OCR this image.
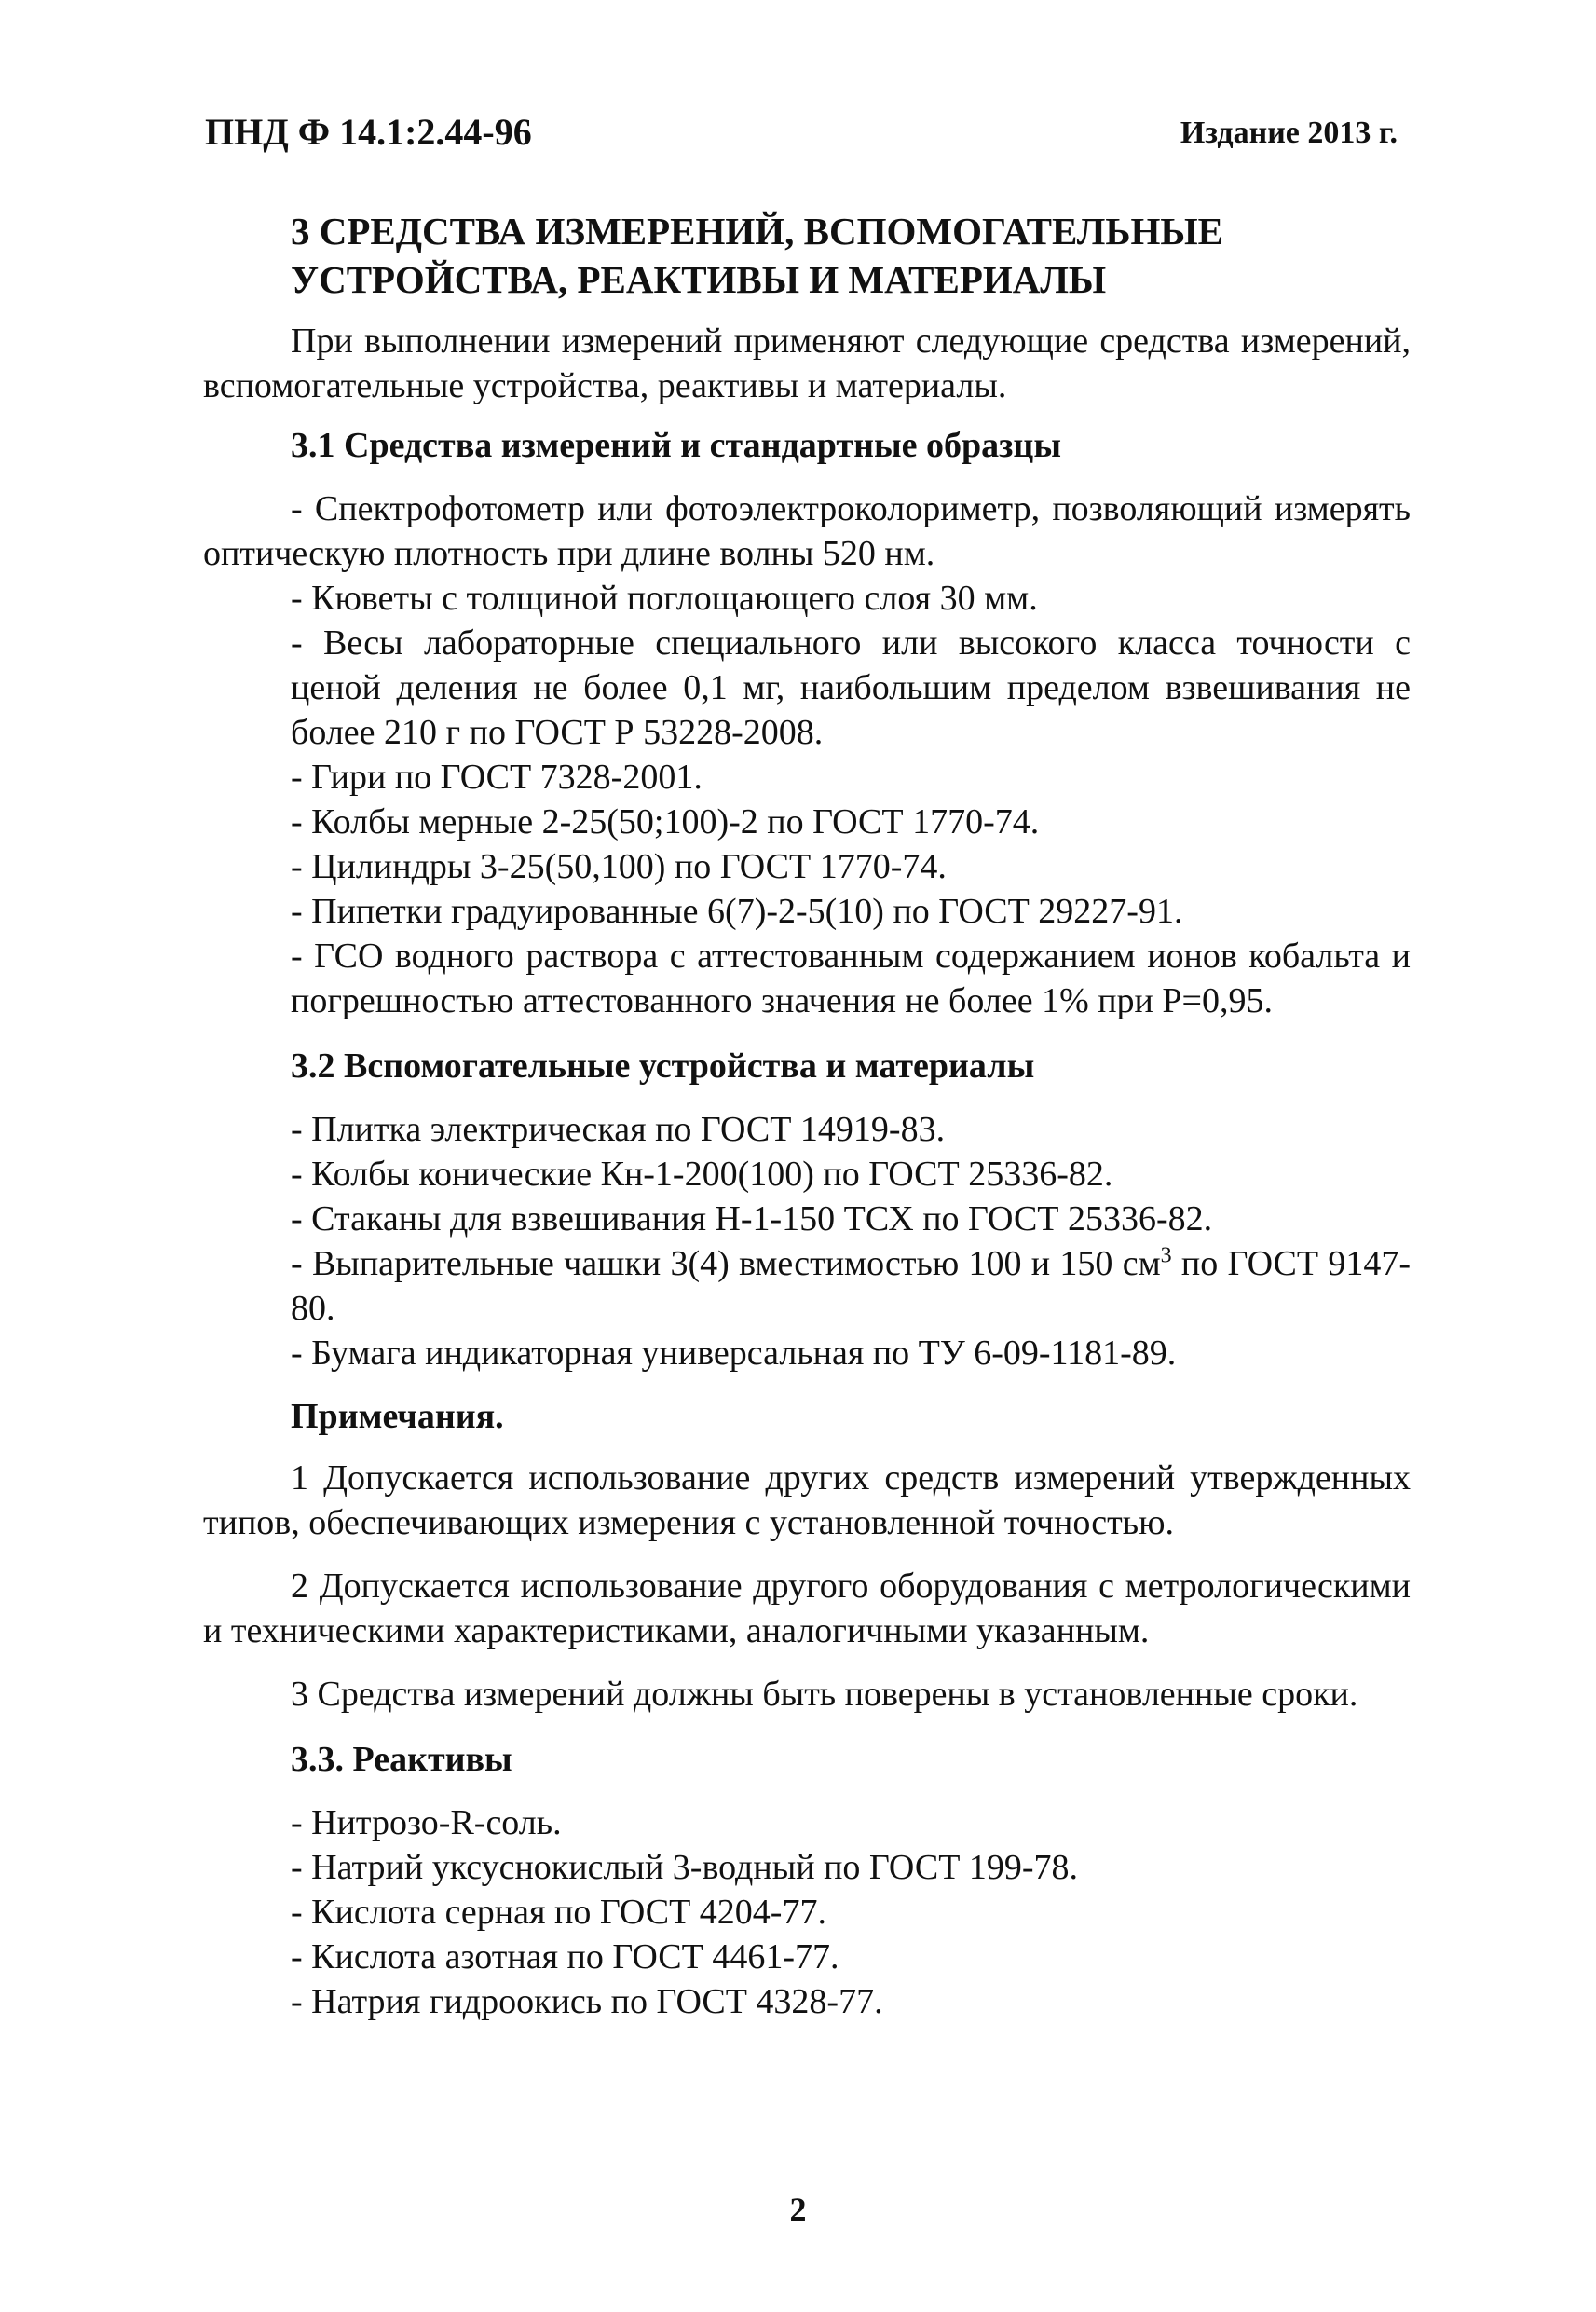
ПНД Ф 14.1:2.44-96	Издание 2013 г.
3 СРЕДСТВА ИЗМЕРЕНИЙ, ВСПОМОГАТЕЛЬНЫЕ
УСТРОЙСТВА, РЕАКТИВЫ И МАТЕРИАЛЫ

При выполнении измерений применяют следующие средства измерений, вспомогательные устройства, реактивы и материалы.

3.1 Средства измерений и стандартные образцы
- Спектрофотометр или фотоэлектроколориметр, позволяющий измерять оптическую плотность при длине волны 520 нм.
- Кюветы с толщиной поглощающего слоя 30 мм.
- Весы лабораторные специального или высокого класса точности с ценой деления не более 0,1 мг, наибольшим пределом взвешивания не более 210 г по ГОСТ Р 53228-2008.
- Гири по ГОСТ 7328-2001.
- Колбы мерные 2-25(50;100)-2 по ГОСТ 1770-74.
- Цилиндры 3-25(50,100) по ГОСТ 1770-74.
- Пипетки градуированные 6(7)-2-5(10) по ГОСТ 29227-91.
- ГСО водного раствора с аттестованным содержанием ионов кобальта и погрешностью аттестованного значения не более 1% при Р=0,95.
3.2 Вспомогательные устройства и материалы
- Плитка электрическая по ГОСТ 14919-83.
- Колбы конические Кн-1-200(100) по ГОСТ 25336-82.
- Стаканы для взвешивания Н-1-150 ТСХ по ГОСТ 25336-82.
- Выпарительные чашки 3(4) вместимостью 100 и 150 $см^3$ по ГОСТ 9147-80.
- Бумага индикаторная универсальная по ТУ 6-09-1181-89.
Примечания.

1 Допускается использование других средств измерений утвержденных типов, обеспечивающих измерения с установленной точностью.

2 Допускается использование другого оборудования с метрологическими и техническими характеристиками, аналогичными указанным.

3 Средства измерений должны быть поверены в установленные сроки.

3.3. Реактивы
- Нитрозо-R-соль.
- Натрий уксуснокислый 3-водный по ГОСТ 199-78.
- Кислота серная по ГОСТ 4204-77.
- Кислота азотная по ГОСТ 4461-77.
- Натрия гидроокись по ГОСТ 4328-77.
2
